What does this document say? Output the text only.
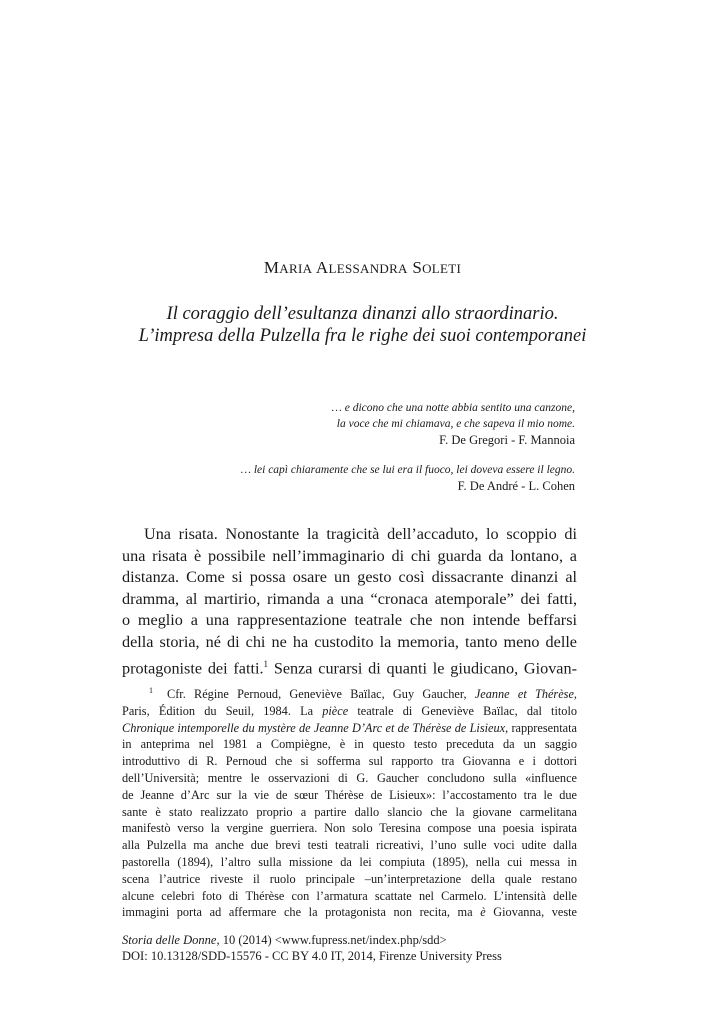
MARIA ALESSANDRA SOLETI
Il coraggio dell’esultanza dinanzi allo straordinario.
L’impresa della Pulzella fra le righe dei suoi contemporanei
… e dicono che una notte abbia sentito una canzone,
la voce che mi chiamava, e che sapeva il mio nome.
F. De Gregori - F. Mannoia
… lei capì chiaramente che se lui era il fuoco, lei doveva essere il legno.
F. De André - L. Cohen
Una risata. Nonostante la tragicità dell’accaduto, lo scoppio di
una risata è possibile nell’immaginario di chi guarda da lontano, a
distanza. Come si possa osare un gesto così dissacrante dinanzi al
dramma, al martirio, rimanda a una “cronaca atemporale” dei fatti,
o meglio a una rappresentazione teatrale che non intende beffarsi
della storia, né di chi ne ha custodito la memoria, tanto meno delle
protagoniste dei fatti.$^1$ Senza curarsi di quanti le giudicano, Giovan-
$^1$ Cfr. Régine Pernoud, Geneviève Baïlac, Guy Gaucher, Jeanne et Thérèse,
Paris, Édition du Seuil, 1984. La pièce teatrale di Geneviève Baïlac, dal titolo
Chronique intemporelle du mystère de Jeanne D’Arc et de Thérèse de Lisieux, rappresentata
in anteprima nel 1981 a Compiègne, è in questo testo preceduta da un saggio
introduttivo di R. Pernoud che si sofferma sul rapporto tra Giovanna e i dottori
dell’Università; mentre le osservazioni di G. Gaucher concludono sulla «influence
de Jeanne d’Arc sur la vie de sœur Thérèse de Lisieux»: l’accostamento tra le due
sante è stato realizzato proprio a partire dallo slancio che la giovane carmelitana
manifestò verso la vergine guerriera. Non solo Teresina compose una poesia ispirata
alla Pulzella ma anche due brevi testi teatrali ricreativi, l’uno sulle voci udite dalla
pastorella (1894), l’altro sulla missione da lei compiuta (1895), nella cui messa in
scena l’autrice riveste il ruolo principale –un’interpretazione della quale restano
alcune celebri foto di Thérèse con l’armatura scattate nel Carmelo. L’intensità delle
immagini porta ad affermare che la protagonista non recita, ma è Giovanna, veste
Storia delle Donne, 10 (2014) <www.fupress.net/index.php/sdd>
DOI: 10.13128/SDD-15576 - CC BY 4.0 IT, 2014, Firenze University Press
